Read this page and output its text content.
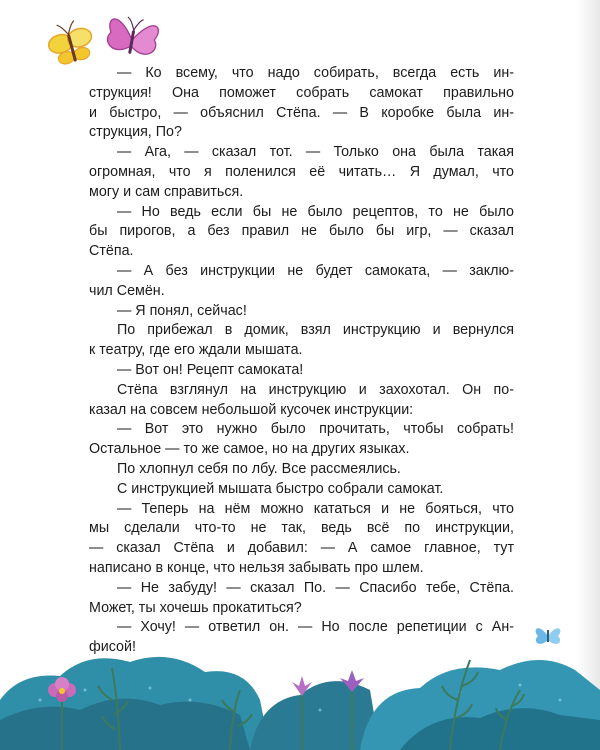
— Ко всему, что надо собирать, всегда есть ин-
струкция! Она поможет собрать самокат правильно
и быстро, — объяснил Стёпа. — В коробке была ин-
струкция, По?
— Ага, — сказал тот. — Только она была такая
огромная, что я поленился её читать… Я думал, что
могу и сам справиться.
— Но ведь если бы не было рецептов, то не было
бы пирогов, а без правил не было бы игр, — сказал
Стёпа.
— А без инструкции не будет самоката, — заклю-
чил Семён.
— Я понял, сейчас!
По прибежал в домик, взял инструкцию и вернулся
к театру, где его ждали мышата.
— Вот он! Рецепт самоката!
Стёпа взглянул на инструкцию и захохотал. Он по-
казал на совсем небольшой кусочек инструкции:
— Вот это нужно было прочитать, чтобы собрать!
Остальное — то же самое, но на других языках.
По хлопнул себя по лбу. Все рассмеялись.
С инструкцией мышата быстро собрали самокат.
— Теперь на нём можно кататься и не бояться, что
мы сделали что-то не так, ведь всё по инструкции,
— сказал Стёпа и добавил: — А самое главное, тут
написано в конце, что нельзя забывать про шлем.
— Не забуду! — сказал По. — Спасибо тебе, Стёпа.
Может, ты хочешь прокатиться?
— Хочу! — ответил он. — Но после репетиции с Ан-
фисой!
